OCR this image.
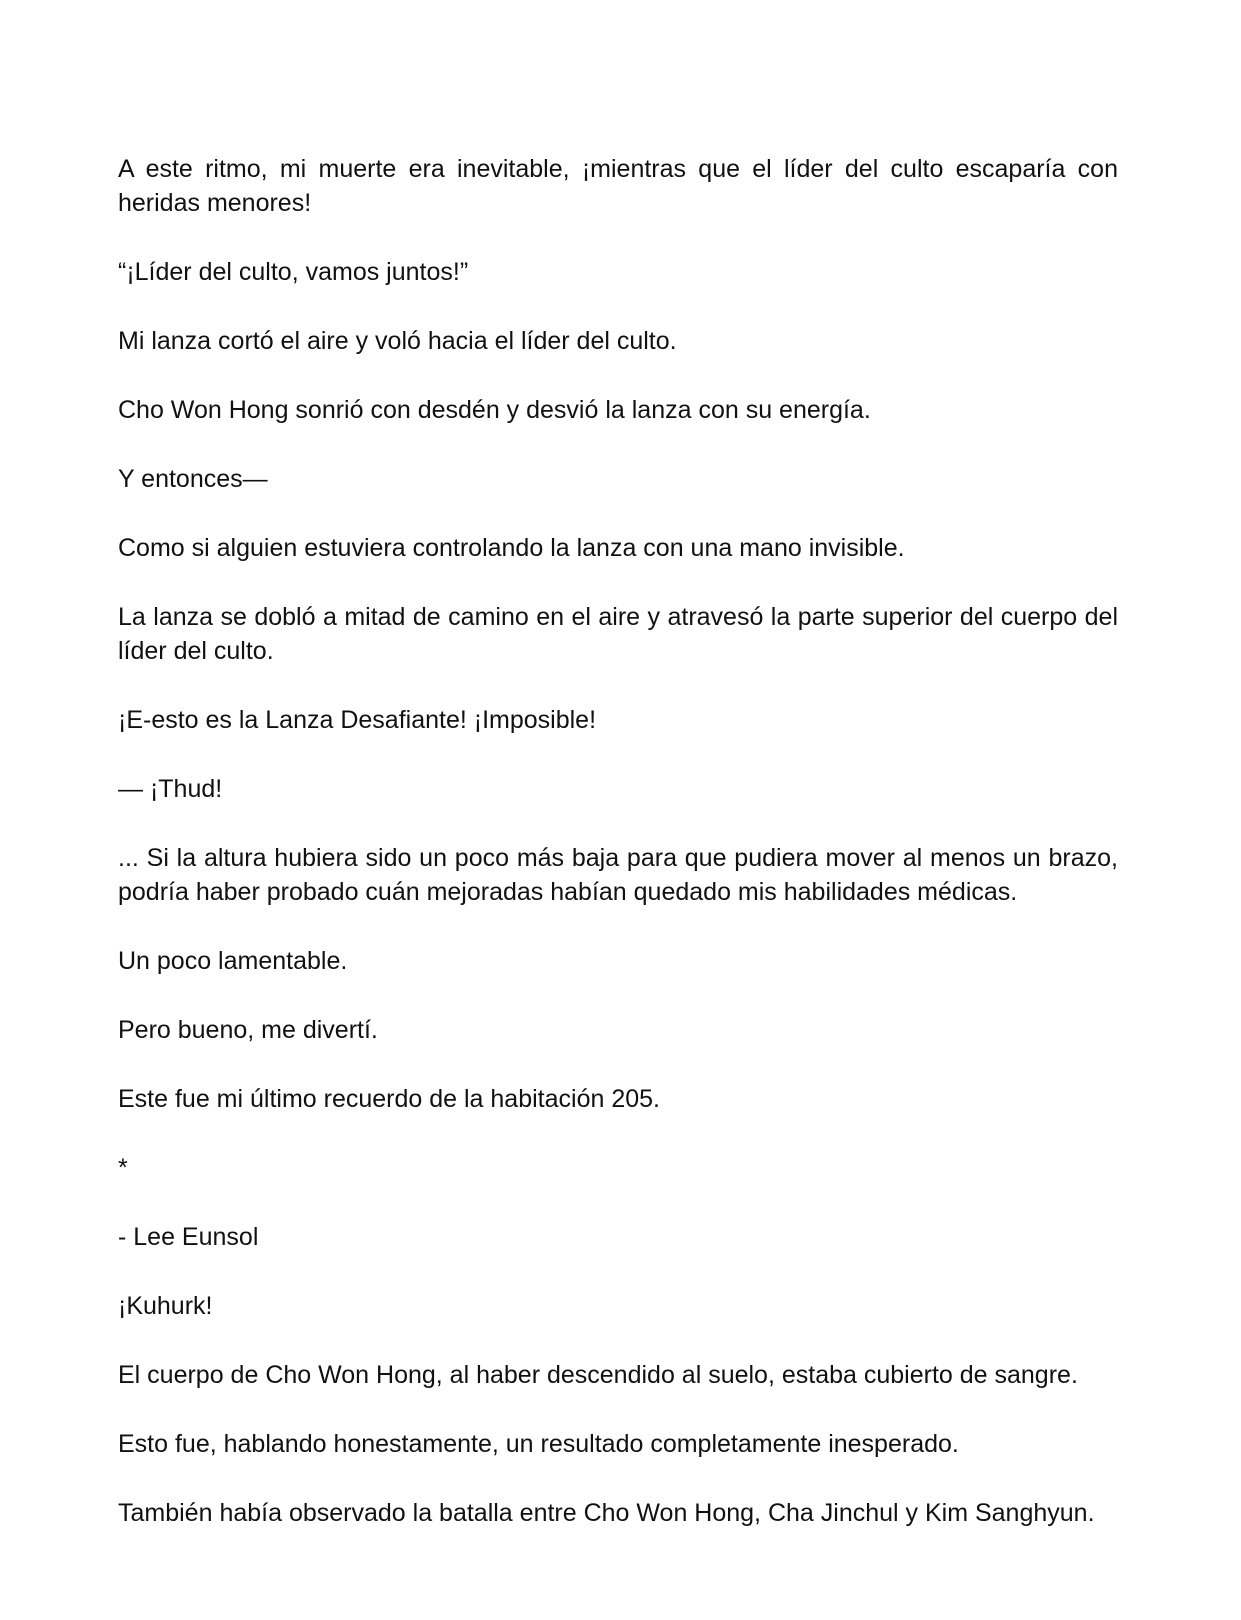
A este ritmo, mi muerte era inevitable, ¡mientras que el líder del culto escaparía con heridas menores!

“¡Líder del culto, vamos juntos!”

Mi lanza cortó el aire y voló hacia el líder del culto.

Cho Won Hong sonrió con desdén y desvió la lanza con su energía.

Y entonces—

Como si alguien estuviera controlando la lanza con una mano invisible.

La lanza se dobló a mitad de camino en el aire y atravesó la parte superior del cuerpo del líder del culto.

¡E-esto es la Lanza Desafiante! ¡Imposible!

— ¡Thud!

... Si la altura hubiera sido un poco más baja para que pudiera mover al menos un brazo, podría haber probado cuán mejoradas habían quedado mis habilidades médicas.

Un poco lamentable.

Pero bueno, me divertí.

Este fue mi último recuerdo de la habitación 205.

*

- Lee Eunsol

¡Kuhurk!

El cuerpo de Cho Won Hong, al haber descendido al suelo, estaba cubierto de sangre.

Esto fue, hablando honestamente, un resultado completamente inesperado.

También había observado la batalla entre Cho Won Hong, Cha Jinchul y Kim Sanghyun.
